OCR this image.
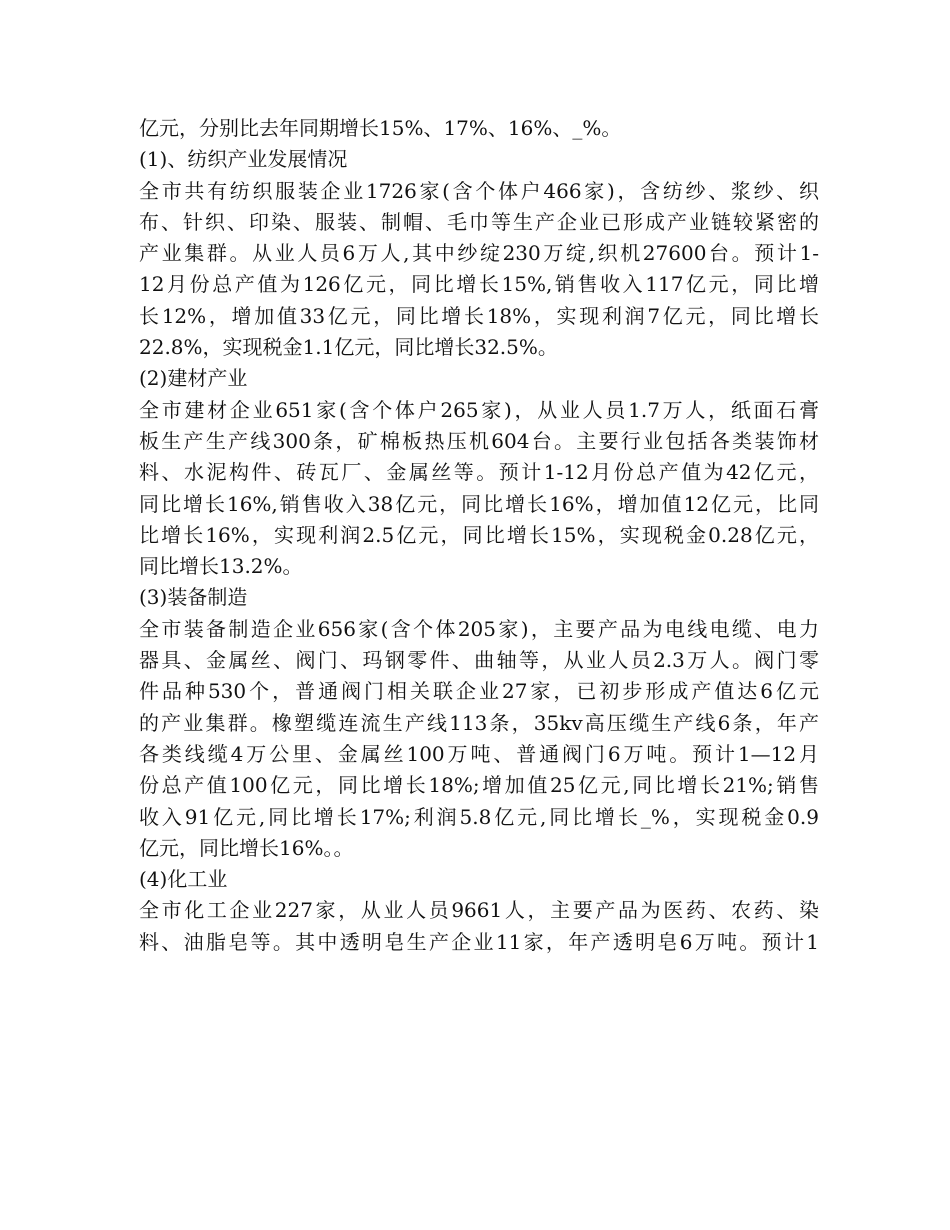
亿元，分别比去年同期增长15%、17%、16%、_%。
(1)、纺织产业发展情况
全市共有纺织服装企业1726家(含个体户466家)，含纺纱、浆纱、织
布、针织、印染、服装、制帽、毛巾等生产企业已形成产业链较紧密的
产业集群。从业人员6万人,其中纱绽230万绽,织机27600台。预计1-
12月份总产值为126亿元，同比增长15%,销售收入117亿元，同比增
长12%，增加值33亿元，同比增长18%，实现利润7亿元，同比增长
22.8%，实现税金1.1亿元，同比增长32.5%。
(2)建材产业
全市建材企业651家(含个体户265家)，从业人员1.7万人，纸面石膏
板生产生产线300条，矿棉板热压机604台。主要行业包括各类装饰材
料、水泥构件、砖瓦厂、金属丝等。预计1-12月份总产值为42亿元，
同比增长16%,销售收入38亿元，同比增长16%，增加值12亿元，比同
比增长16%，实现利润2.5亿元，同比增长15%，实现税金0.28亿元，
同比增长13.2%。
(3)装备制造
全市装备制造企业656家(含个体205家)，主要产品为电线电缆、电力
器具、金属丝、阀门、玛钢零件、曲轴等，从业人员2.3万人。阀门零
件品种530个，普通阀门相关联企业27家，已初步形成产值达6亿元
的产业集群。橡塑缆连流生产线113条，35kv高压缆生产线6条，年产
各类线缆4万公里、金属丝100万吨、普通阀门6万吨。预计1—12月
份总产值100亿元，同比增长18%;增加值25亿元,同比增长21%;销售
收入91亿元,同比增长17%;利润5.8亿元,同比增长_%，实现税金0.9
亿元，同比增长16%。。
(4)化工业
全市化工企业227家，从业人员9661人，主要产品为医药、农药、染
料、油脂皂等。其中透明皂生产企业11家，年产透明皂6万吨。预计1
